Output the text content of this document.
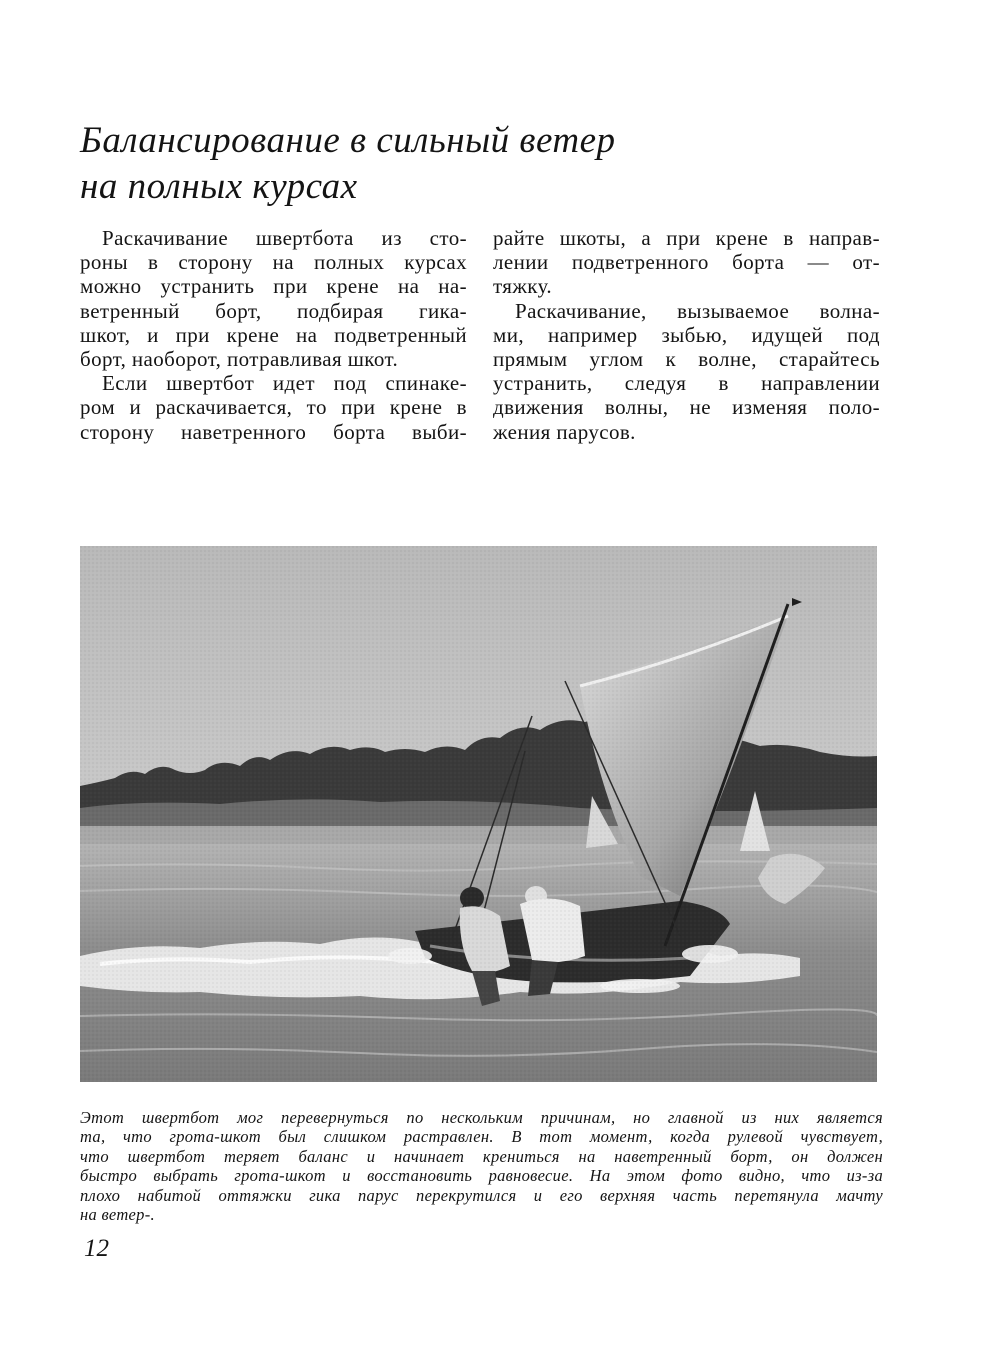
Балансирование в сильный ветер
на полных курсах
Раскачивание швертбота из сто-
роны в сторону на полных курсах
можно устранить при крене на на-
ветренный борт, подбирая гика-
шкот, и при крене на подветренный
борт, наоборот, потравливая шкот.
Если швертбот идет под спинаке-
ром и раскачивается, то при крене в
сторону наветренного борта выби-
райте шкоты, а при крене в направ-
лении подветренного борта — от-
тяжку.
Раскачивание, вызываемое волна-
ми, например зыбью, идущей под
прямым углом к волне, старайтесь
устранить, следуя в направлении
движения волны, не изменяя поло-
жения парусов.
Этот швертбот мог перевернуться по нескольким причинам, но главной из них является
та, что грота-шкот был слишком растравлен. В тот момент, когда рулевой чувствует,
что швертбот теряет баланс и начинает крениться на наветренный борт, он должен
быстро выбрать грота-шкот и восстановить равновесие. На этом фото видно, что из-за
плохо набитой оттяжки гика парус перекрутился и его верхняя часть перетянула мачту
на ветер-.
12
